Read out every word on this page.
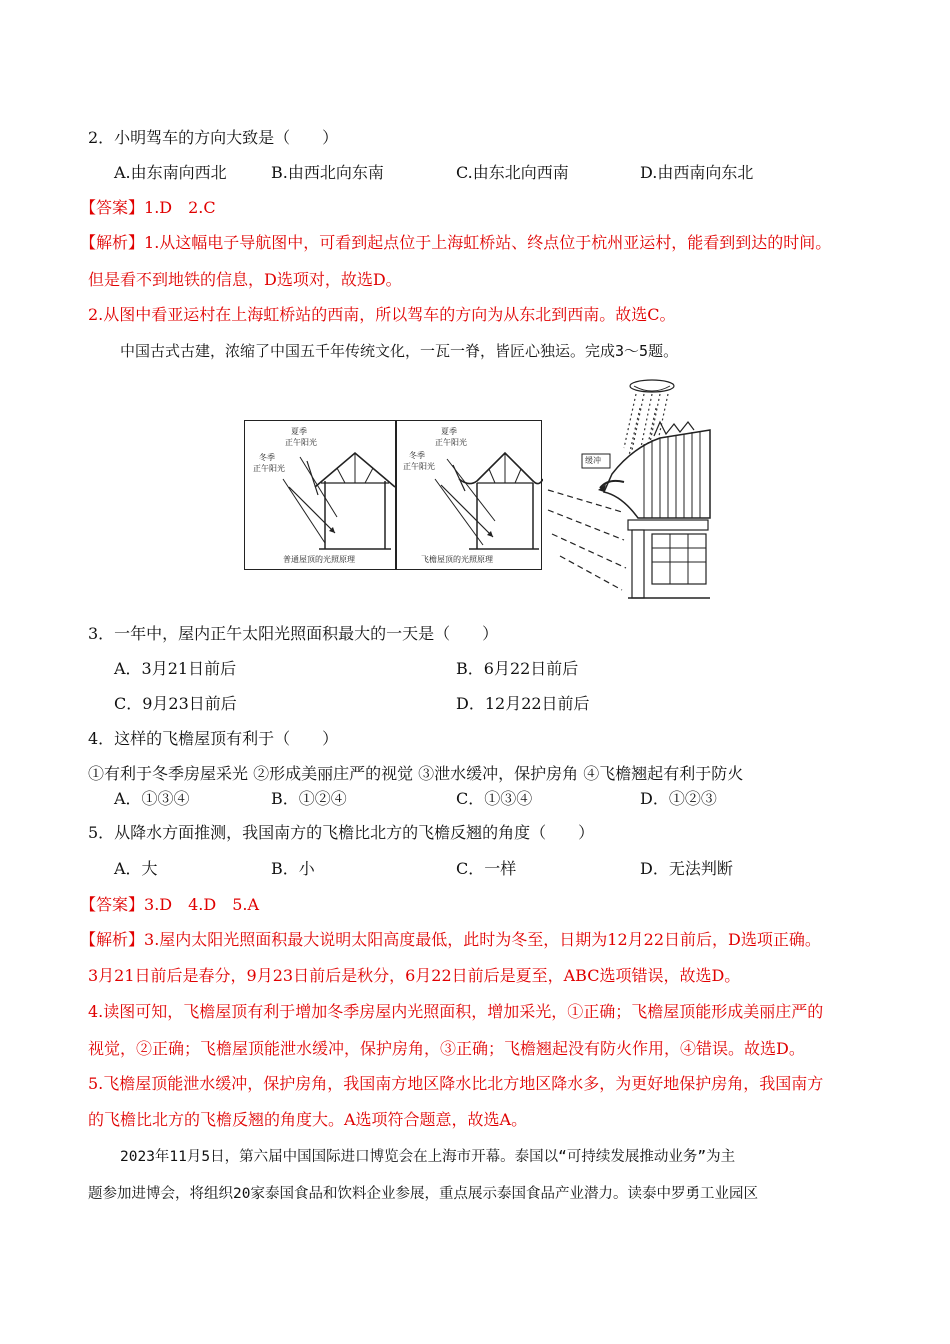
2．小明驾车的方向大致是（　　）
A.由东南向西北	B.由西北向东南	C.由东北向西南	D.由西南向东北
【答案】1.D　2.C
【解析】1.从这幅电子导航图中，可看到起点位于上海虹桥站、终点位于杭州亚运村，能看到到达的时间。
但是看不到地铁的信息，D选项对，故选D。
2.从图中看亚运村在上海虹桥站的西南，所以驾车的方向为从东北到西南。故选C。
中国古式古建，浓缩了中国五千年传统文化，一瓦一脊，皆匠心独运。完成3～5题。
夏季
正午阳光
冬季
正午阳光
普通屋顶的光照原理
夏季
正午阳光
冬季
正午阳光
飞檐屋顶的光照原理
缓冲
3．一年中，屋内正午太阳光照面积最大的一天是（　　）
A．3月21日前后	B．6月22日前后
C．9月23日前后	D．12月22日前后
4．这样的飞檐屋顶有利于（　　）
①有利于冬季房屋采光 ②形成美丽庄严的视觉 ③泄水缓冲，保护房角 ④飞檐翘起有利于防火
A．①③④	B．①②④	C．①③④	D．①②③
5．从降水方面推测，我国南方的飞檐比北方的飞檐反翘的角度（　　）
A．大	B．小	C．一样	D．无法判断
【答案】3.D　4.D　5.A
【解析】3.屋内太阳光照面积最大说明太阳高度最低，此时为冬至，日期为12月22日前后，D选项正确。
3月21日前后是春分，9月23日前后是秋分，6月22日前后是夏至，ABC选项错误，故选D。
4.读图可知，飞檐屋顶有利于增加冬季房屋内光照面积，增加采光，①正确；飞檐屋顶能形成美丽庄严的
视觉，②正确；飞檐屋顶能泄水缓冲，保护房角，③正确；飞檐翘起没有防火作用，④错误。故选D。
5.飞檐屋顶能泄水缓冲，保护房角，我国南方地区降水比北方地区降水多，为更好地保护房角，我国南方
的飞檐比北方的飞檐反翘的角度大。A选项符合题意，故选A。
2023年11月5日，第六届中国国际进口博览会在上海市开幕。泰国以“可持续发展推动业务”为主
题参加进博会，将组织20家泰国食品和饮料企业参展，重点展示泰国食品产业潜力。读泰中罗勇工业园区
